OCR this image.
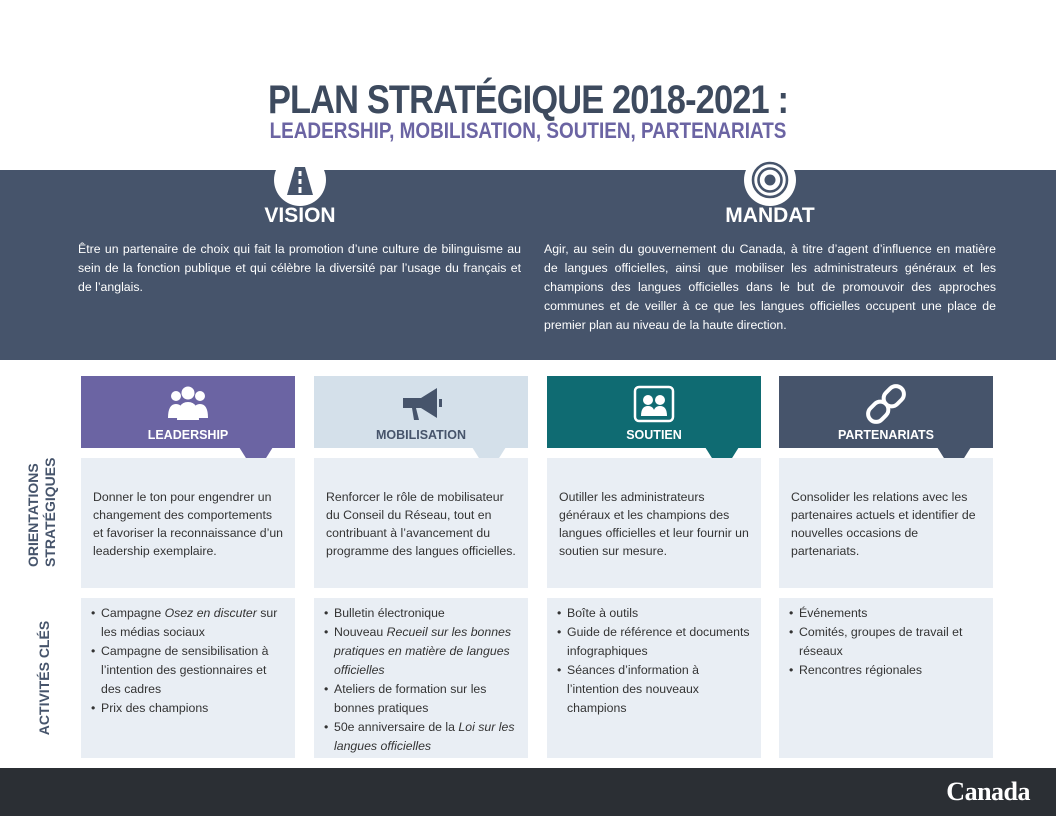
PLAN STRATÉGIQUE 2018-2021 :
LEADERSHIP, MOBILISATION, SOUTIEN, PARTENARIATS
VISION
Être un partenaire de choix qui fait la promotion d’une culture de bilinguisme au sein de la fonction publique et qui célèbre la diversité par l’usage du français et de l’anglais.
MANDAT
Agir, au sein du gouvernement du Canada, à titre d’agent d’influence en matière de langues officielles, ainsi que mobiliser les administrateurs généraux et les champions des langues officielles dans le but de promouvoir des approches communes et de veiller à ce que les langues officielles occupent une place de premier plan au niveau de la haute direction.
ORIENTATIONS STRATÉGIQUES
ACTIVITÉS CLÉS
LEADERSHIP
Donner le ton pour engendrer un changement des comportements et favoriser la reconnaissance d’un leadership exemplaire.
• Campagne Osez en discuter sur les médias sociaux
• Campagne de sensibilisation à l’intention des gestionnaires et des cadres
• Prix des champions
MOBILISATION
Renforcer le rôle de mobilisateur du Conseil du Réseau, tout en contribuant à l’avancement du programme des langues officielles.
• Bulletin électronique
• Nouveau Recueil sur les bonnes pratiques en matière de langues officielles
• Ateliers de formation sur les bonnes pratiques
• 50e anniversaire de la Loi sur les langues officielles
SOUTIEN
Outiller les administrateurs généraux et les champions des langues officielles et leur fournir un soutien sur mesure.
• Boîte à outils
• Guide de référence et documents infographiques
• Séances d’information à l’intention des nouveaux champions
PARTENARIATS
Consolider les relations avec les partenaires actuels et identifier de nouvelles occasions de partenariats.
• Événements
• Comités, groupes de travail et réseaux
• Rencontres régionales
Canada
